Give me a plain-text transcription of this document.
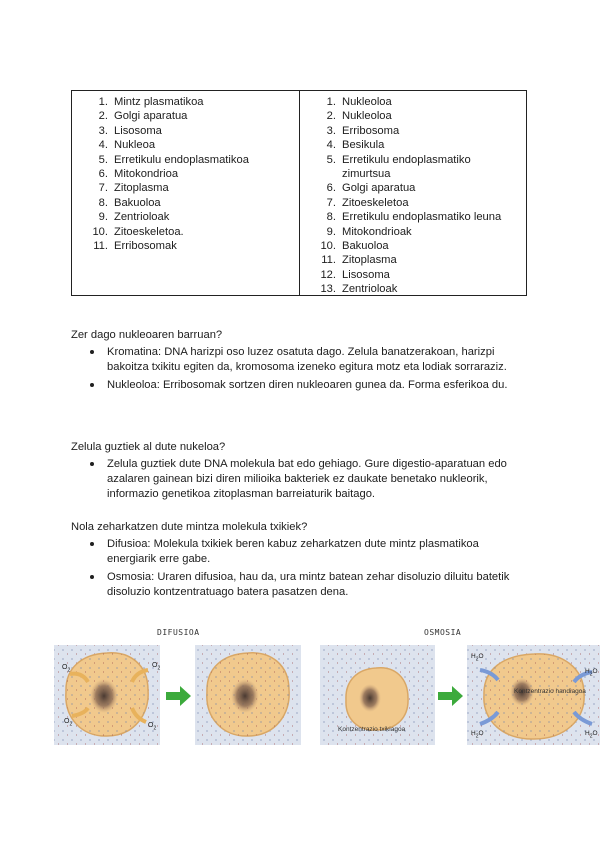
1. Mintz plasmatikoa
2. Golgi aparatua
3. Lisosoma
4. Nukleoa
5. Erretikulu endoplasmatikoa
6. Mitokondrioa
7. Zitoplasma
8. Bakuoloa
9. Zentrioloak
10. Zitoeskeletoa.
11. Erribosomak
1. Nukleoloa
2. Nukleoloa
3. Erribosoma
4. Besikula
5. Erretikulu endoplasmatiko zimurtsua
6. Golgi aparatua
7. Zitoeskeletoa
8. Erretikulu endoplasmatiko leuna
9. Mitokondrioak
10. Bakuoloa
11. Zitoplasma
12. Lisosoma
13. Zentrioloak

Zer dago nukleoaren barruan?

Kromatina: DNA harizpi oso luzez osatuta dago. Zelula banatzerakoan, harizpi bakoitza txikitu egiten da, kromosoma izeneko egitura motz eta lodiak sorraraziz.
Nukleoloa: Erribosomak sortzen diren nukleoaren gunea da. Forma esferikoa du.

Zelula guztiek al dute nukeloa?

Zelula guztiek dute DNA molekula bat edo gehiago. Gure digestio-aparatuan edo azalaren gainean bizi diren milioika bakteriek ez daukate benetako nukleorik, informazio genetikoa zitoplasman barreiaturik baitago.

Nola zeharkatzen dute mintza molekula txikiek?

Difusioa: Molekula txikiek beren kabuz zeharkatzen dute mintz plasmatikoa energiarik erre gabe.
Osmosia: Uraren difusioa, hau da, ura mintz batean zehar disoluzio diluitu batetik disoluzio kontzentratuago batera pasatzen dena.
DIFUSIOA	OSMOSIA
$O_2$
$O_2$
$O_2$	$O_2$
$H_2O$
$H_2O$
$H_2O$	$H_2O$
Kontzentrazio txikiagoa
Kontzentrazio handiagoa
